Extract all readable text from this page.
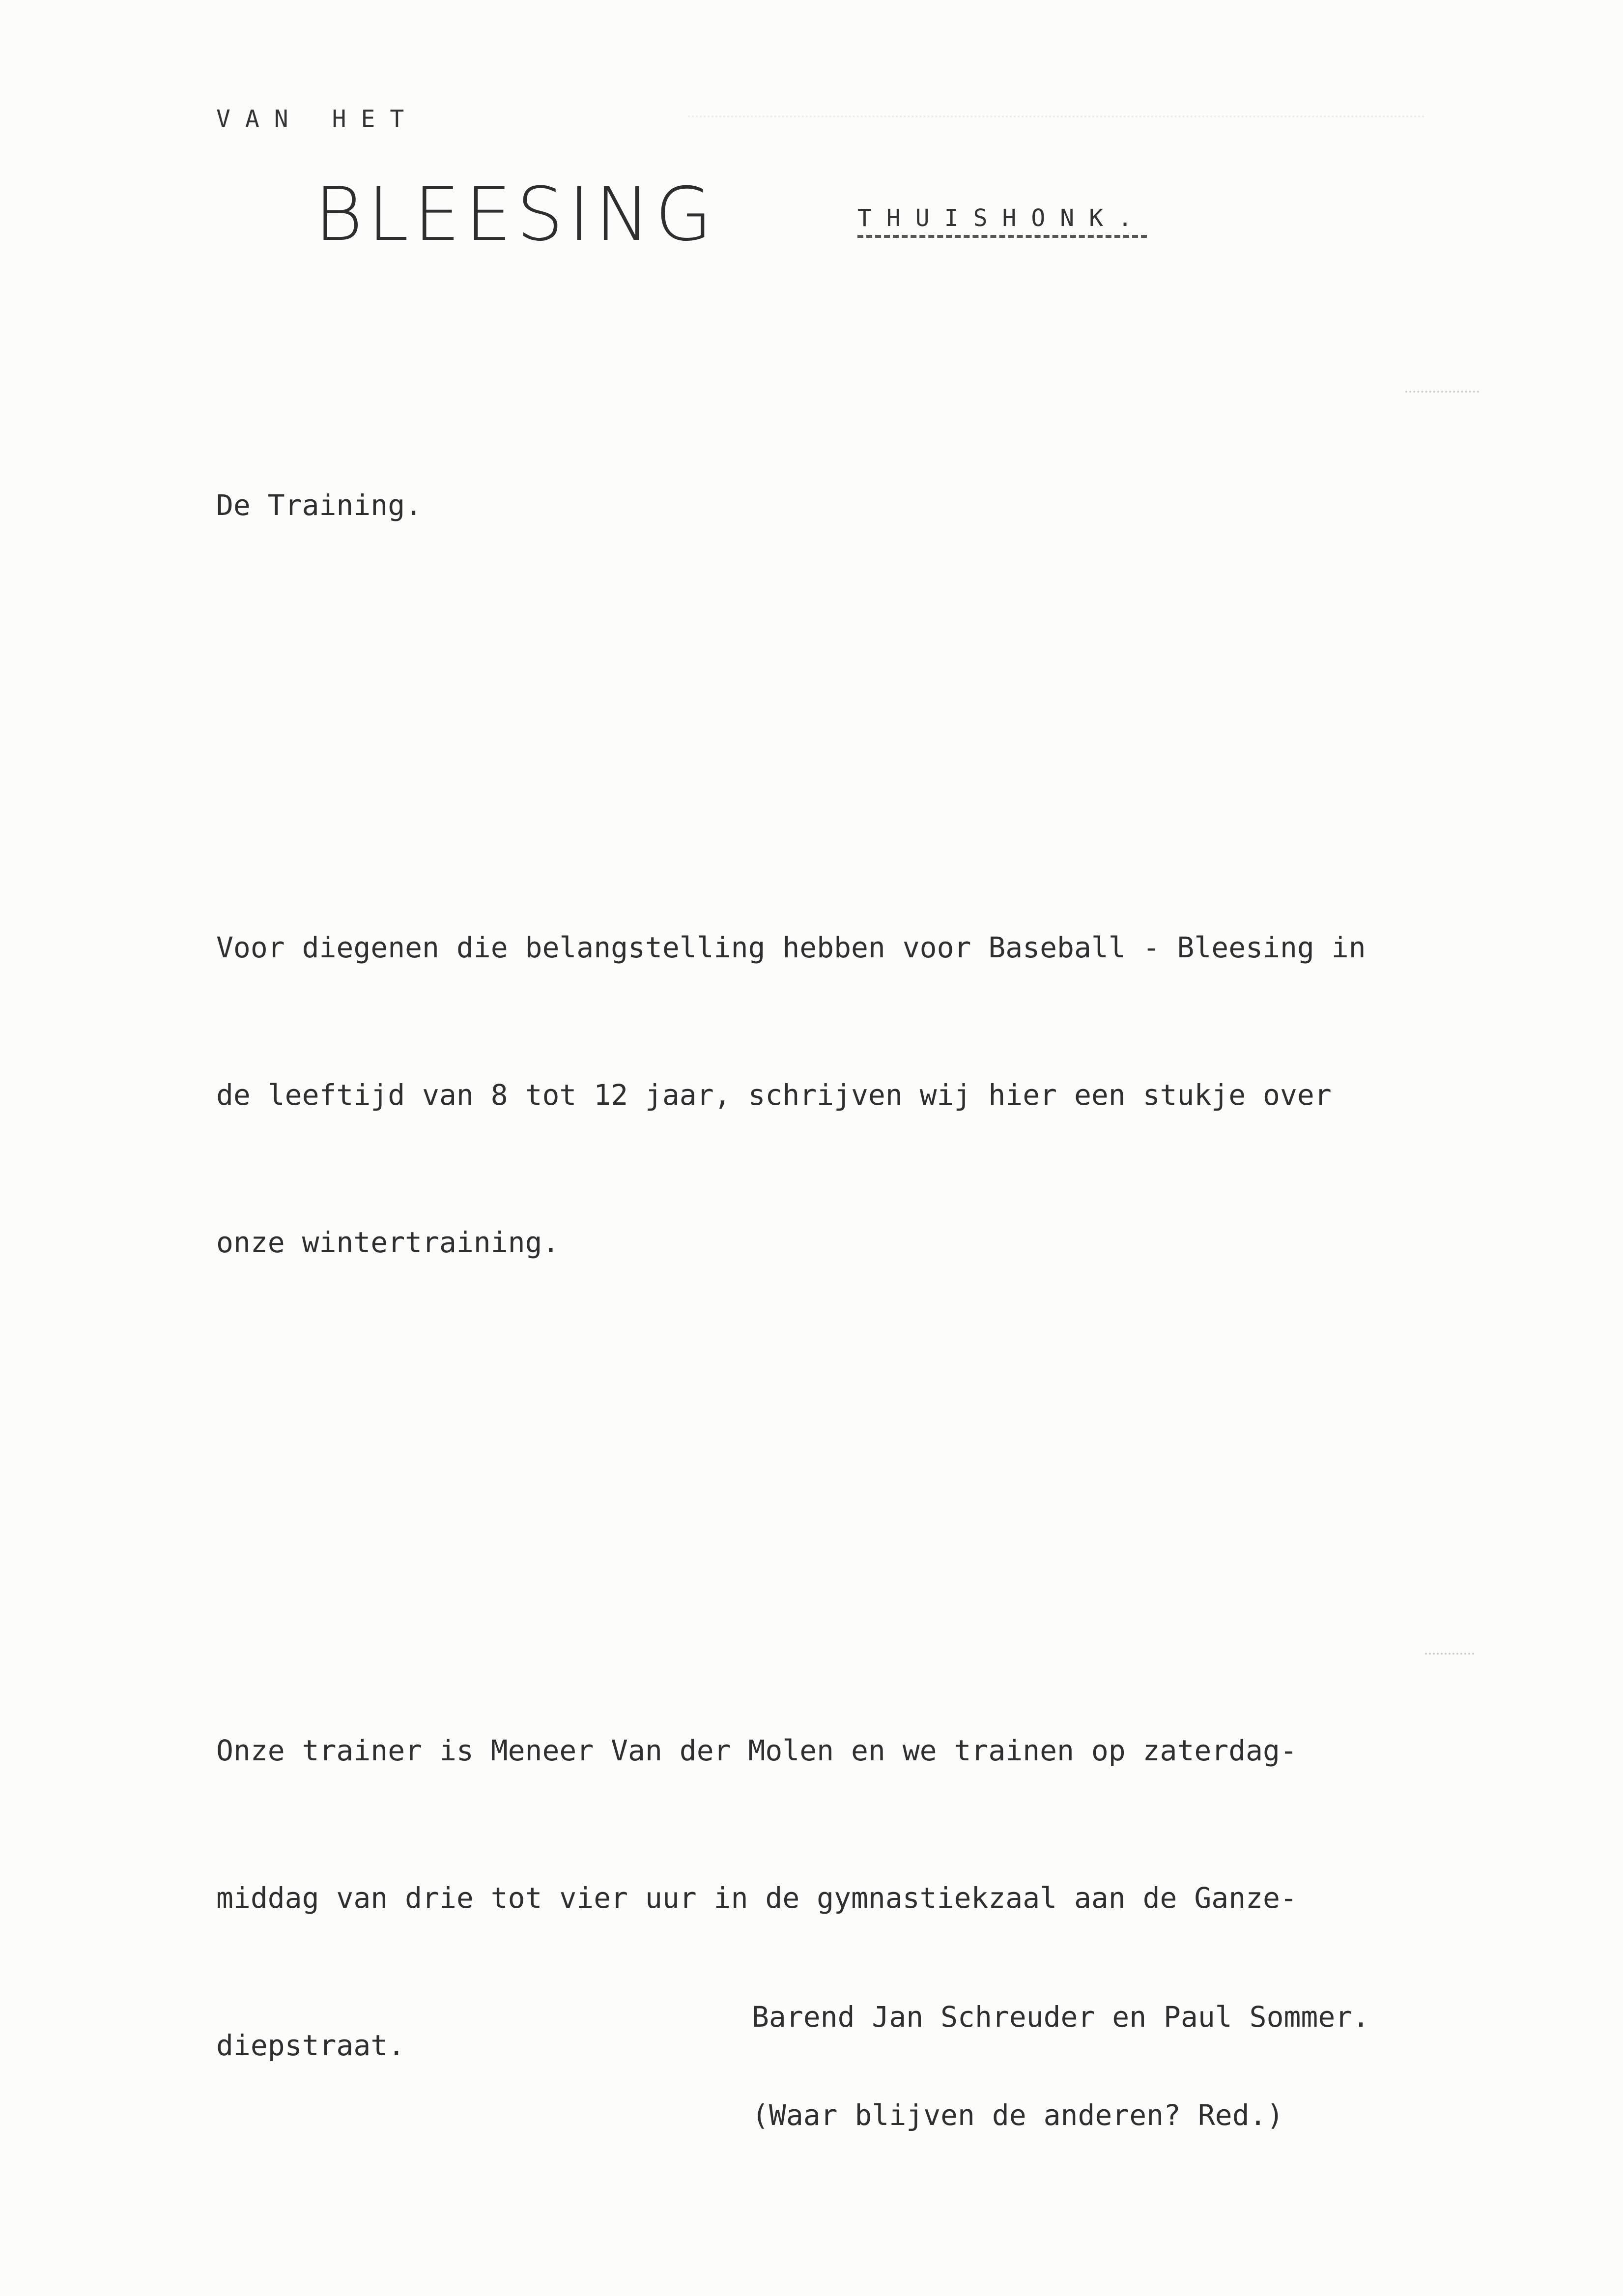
VAN HET
BLEESING	THUISHONK.

De Training.

Voor diegenen die belangstelling hebben voor Baseball - Bleesing in

de leeftijd van 8 tot 12 jaar, schrijven wij hier een stukje over

onze wintertraining.

Onze trainer is Meneer Van der Molen en we trainen op zaterdag-

middag van drie tot vier uur in de gymnastiekzaal aan de Ganze-

diepstraat.

Barend Jan Schreuder en Paul Sommer.
(Waar blijven de anderen? Red.)
